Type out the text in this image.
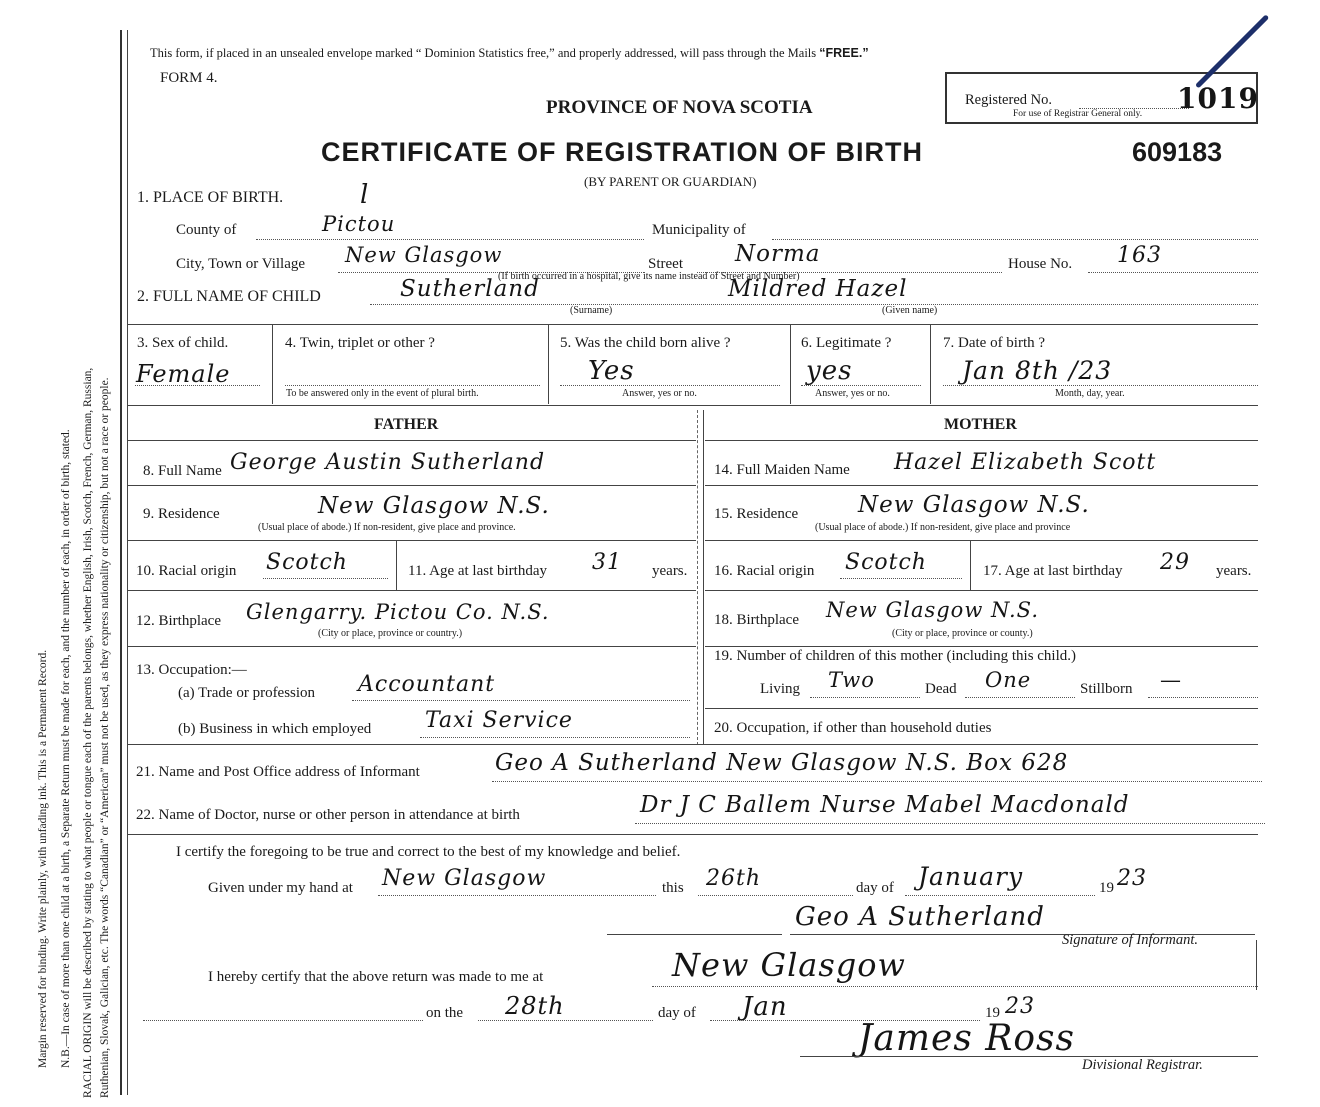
Margin reserved for binding. Write plainly, with unfading ink. This is a Permanent Record. N.B.—In case of more than one child at a birth, a Separate Return must be made for each, and the number of each, in order of birth, stated. RACIAL ORIGIN will be described by stating to what people or tongue each of the parents belongs, whether English, Irish, Scotch, French, German, Russian, Ruthenian, Slovak, Galician, etc. The words “Canadian” or “American” must not be used, as they express nationality or citizenship, but not a race or people.
This form, if placed in an unsealed envelope marked “ Dominion Statistics free,” and properly addressed, will pass through the Mails “FREE.”
FORM 4.
PROVINCE OF NOVA SCOTIA	Registered No.	1019
For use of Registrar General only.
CERTIFICATE OF REGISTRATION OF BIRTH	609183
(BY PARENT OR GUARDIAN)
1. PLACE OF BIRTH.	l
County of	Pictou	Municipality of
City, Town or Village New Glasgow	Street Norma
(If birth occurred in a hospital, give its name instead of Street and Number)
House No. 163
2. FULL NAME OF CHILD	Sutherland	Mildred Hazel
(Surname)	(Given name)
3. Sex of child.
Female
4. Twin, triplet or other ?
To be answered only in the event of plural birth.
5. Was the child born alive ?
Yes
Answer, yes or no.
6. Legitimate ?
yes
Answer, yes or no.
7. Date of birth ?
Jan 8th /23
Month, day, year.
FATHER	MOTHER
8. Full Name George Austin Sutherland
9. Residence	New Glasgow N.S.
(Usual place of abode.) If non-resident, give place and province.
10. Racial origin Scotch	11. Age at last birthday 31 years.
12. Birthplace Glengarry. Pictou Co. N.S.
(City or place, province or country.)
13. Occupation:—
(a) Trade or profession Accountant
(b) Business in which employed Taxi Service
14. Full Maiden Name Hazel Elizabeth Scott
15. Residence	New Glasgow N.S.
(Usual place of abode.) If non-resident, give place and province
16. Racial origin Scotch	17. Age at last birthday 29 years.
18. Birthplace New Glasgow N.S.
(City or place, province or county.)
19. Number of children of this mother (including this child.)
Living Two	Dead One	Stillborn —
20. Occupation, if other than household duties
21. Name and Post Office address of Informant	Geo A Sutherland New Glasgow N.S. Box 628
22. Name of Doctor, nurse or other person in attendance at birth	Dr J C Ballem Nurse Mabel Macdonald
I certify the foregoing to be true and correct to the best of my knowledge and belief.
Given under my hand at New Glasgow	this 26th	day of January	19 23
Geo A Sutherland
Signature of Informant.
I hereby certify that the above return was made to me at	New Glasgow
on the 28th	day of Jan	19 23
James Ross
Divisional Registrar.
